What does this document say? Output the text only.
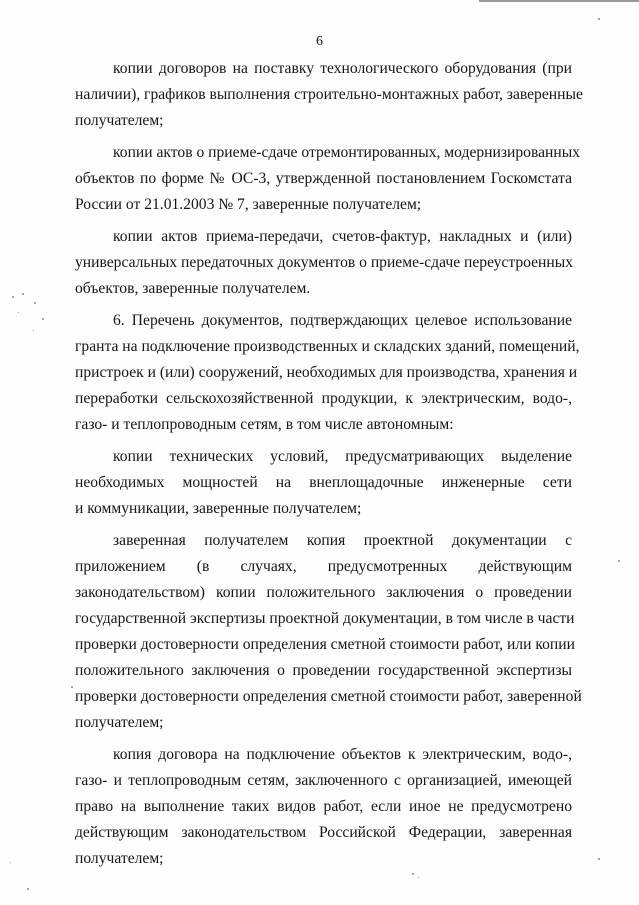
6
копии договоров на поставку технологического оборудования (при
наличии), графиков выполнения строительно-монтажных работ, заверенные
получателем;
копии актов о приеме-сдаче отремонтированных, модернизированных
объектов по форме № ОС-3, утвержденной постановлением Госкомстата
России от 21.01.2003 № 7, заверенные получателем;
копии актов приема-передачи, счетов-фактур, накладных и (или)
универсальных передаточных документов о приеме-сдаче переустроенных
объектов, заверенные получателем.
6. Перечень документов, подтверждающих целевое использование
гранта на подключение производственных и складских зданий, помещений,
пристроек и (или) сооружений, необходимых для производства, хранения и
переработки сельскохозяйственной продукции, к электрическим, водо-,
газо- и теплопроводным сетям, в том числе автономным:
копии технических условий, предусматривающих выделение
необходимых мощностей на внеплощадочные инженерные сети
и коммуникации, заверенные получателем;
заверенная получателем копия проектной документации с
приложением (в случаях, предусмотренных действующим
законодательством) копии положительного заключения о проведении
государственной экспертизы проектной документации, в том числе в части
проверки достоверности определения сметной стоимости работ, или копии
положительного заключения о проведении государственной экспертизы
проверки достоверности определения сметной стоимости работ, заверенной
получателем;
копия договора на подключение объектов к электрическим, водо-,
газо- и теплопроводным сетям, заключенного с организацией, имеющей
право на выполнение таких видов работ, если иное не предусмотрено
действующим законодательством Российской Федерации, заверенная
получателем;
